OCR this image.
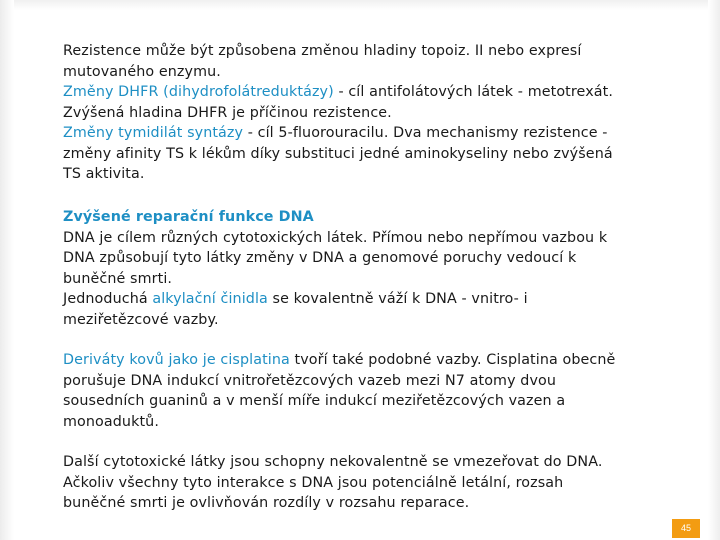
Rezistence může být způsobena změnou hladiny topoiz. II nebo expresí
mutovaného enzymu.
Změny DHFR (dihydrofolátreduktázy) - cíl antifolátových látek - metotrexát.
Zvýšená hladina DHFR je příčinou rezistence.
Změny tymidilát syntázy - cíl 5-fluorouracilu. Dva mechanismy rezistence -
změny afinity TS k lékům díky substituci jedné aminokyseliny nebo zvýšená
TS aktivita.
Zvýšené reparační funkce DNA
DNA je cílem různých cytotoxických látek. Přímou nebo nepřímou vazbou k
DNA způsobují tyto látky změny v DNA a genomové poruchy vedoucí k
buněčné smrti.
Jednoduchá alkylační činidla se kovalentně váží k DNA - vnitro- i
meziřetězcové vazby.
Deriváty kovů jako je cisplatina tvoří také podobné vazby. Cisplatina obecně
porušuje DNA indukcí vnitrořetězcových vazeb mezi N7 atomy dvou
sousedních guaninů a v menší míře indukcí meziřetězcových vazen a
monoaduktů.
Další cytotoxické látky jsou schopny nekovalentně se vmezeřovat do DNA.
Ačkoliv všechny tyto interakce s DNA jsou potenciálně letální, rozsah
buněčné smrti je ovlivňován rozdíly v rozsahu reparace.
45
